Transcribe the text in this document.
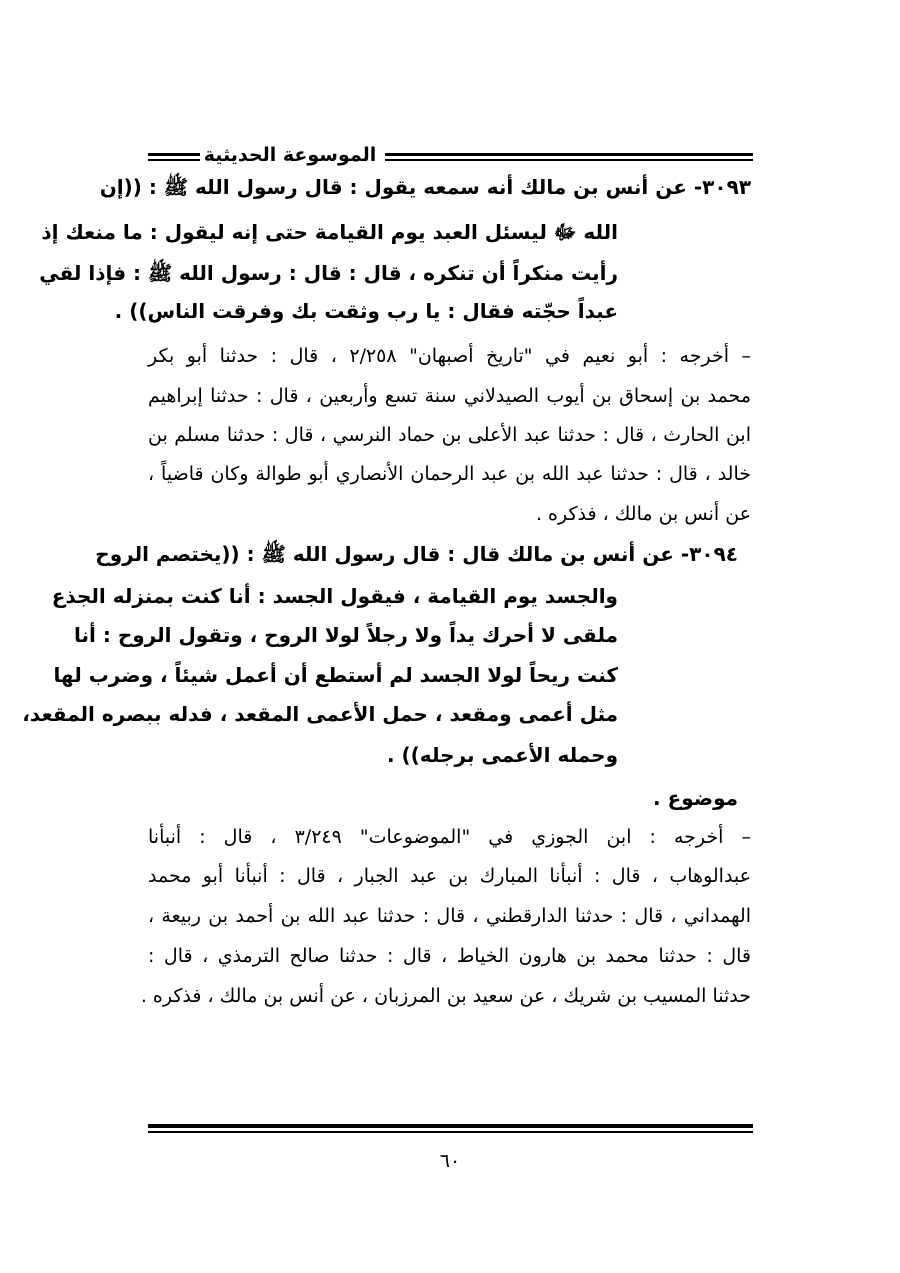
الموسوعة الحديثية
٣٠٩٣- عن أنس بن مالك أنه سمعه يقول : قال رسول الله ﷺ : ((إن
الله ﷻ ليسئل العبد يوم القيامة حتى إنه ليقول : ما منعك إذ
رأيت منكراً أن تنكره ، قال : قال : رسول الله ﷺ : فإذا لقي
عبداً حجّته فقال : يا رب وثقت بك وفرقت الناس)) .
– أخرجه : أبو نعيم في "تاريخ أصبهان" ٢/٢٥٨ ، قال : حدثنا أبو بكر
محمد بن إسحاق بن أيوب الصيدلاني سنة تسع وأربعين ، قال : حدثنا إبراهيم
ابن الحارث ، قال : حدثنا عبد الأعلى بن حماد النرسي ، قال : حدثنا مسلم بن
خالد ، قال : حدثنا عبد الله بن عبد الرحمان الأنصاري أبو طوالة وكان قاضياً ،
عن أنس بن مالك ، فذكره .
٣٠٩٤- عن أنس بن مالك قال : قال رسول الله ﷺ : ((يختصم الروح
والجسد يوم القيامة ، فيقول الجسد : أنا كنت بمنزله الجذع
ملقى لا أحرك يداً ولا رجلاً لولا الروح ، وتقول الروح : أنا
كنت ريحاً لولا الجسد لم أستطع أن أعمل شيئاً ، وضرب لها
مثل أعمى ومقعد ، حمل الأعمى المقعد ، فدله ببصره المقعد،
وحمله الأعمى برجله)) .
موضوع .
– أخرجه : ابن الجوزي في "الموضوعات" ٣/٢٤٩ ، قال : أنبأنا
عبدالوهاب ، قال : أنبأنا المبارك بن عبد الجبار ، قال : أنبأنا أبو محمد
الهمداني ، قال : حدثنا الدارقطني ، قال : حدثنا عبد الله بن أحمد بن ربيعة ،
قال : حدثنا محمد بن هارون الخياط ، قال : حدثنا صالح الترمذي ، قال :
حدثنا المسيب بن شريك ، عن سعيد بن المرزبان ، عن أنس بن مالك ، فذكره .
٦٠
